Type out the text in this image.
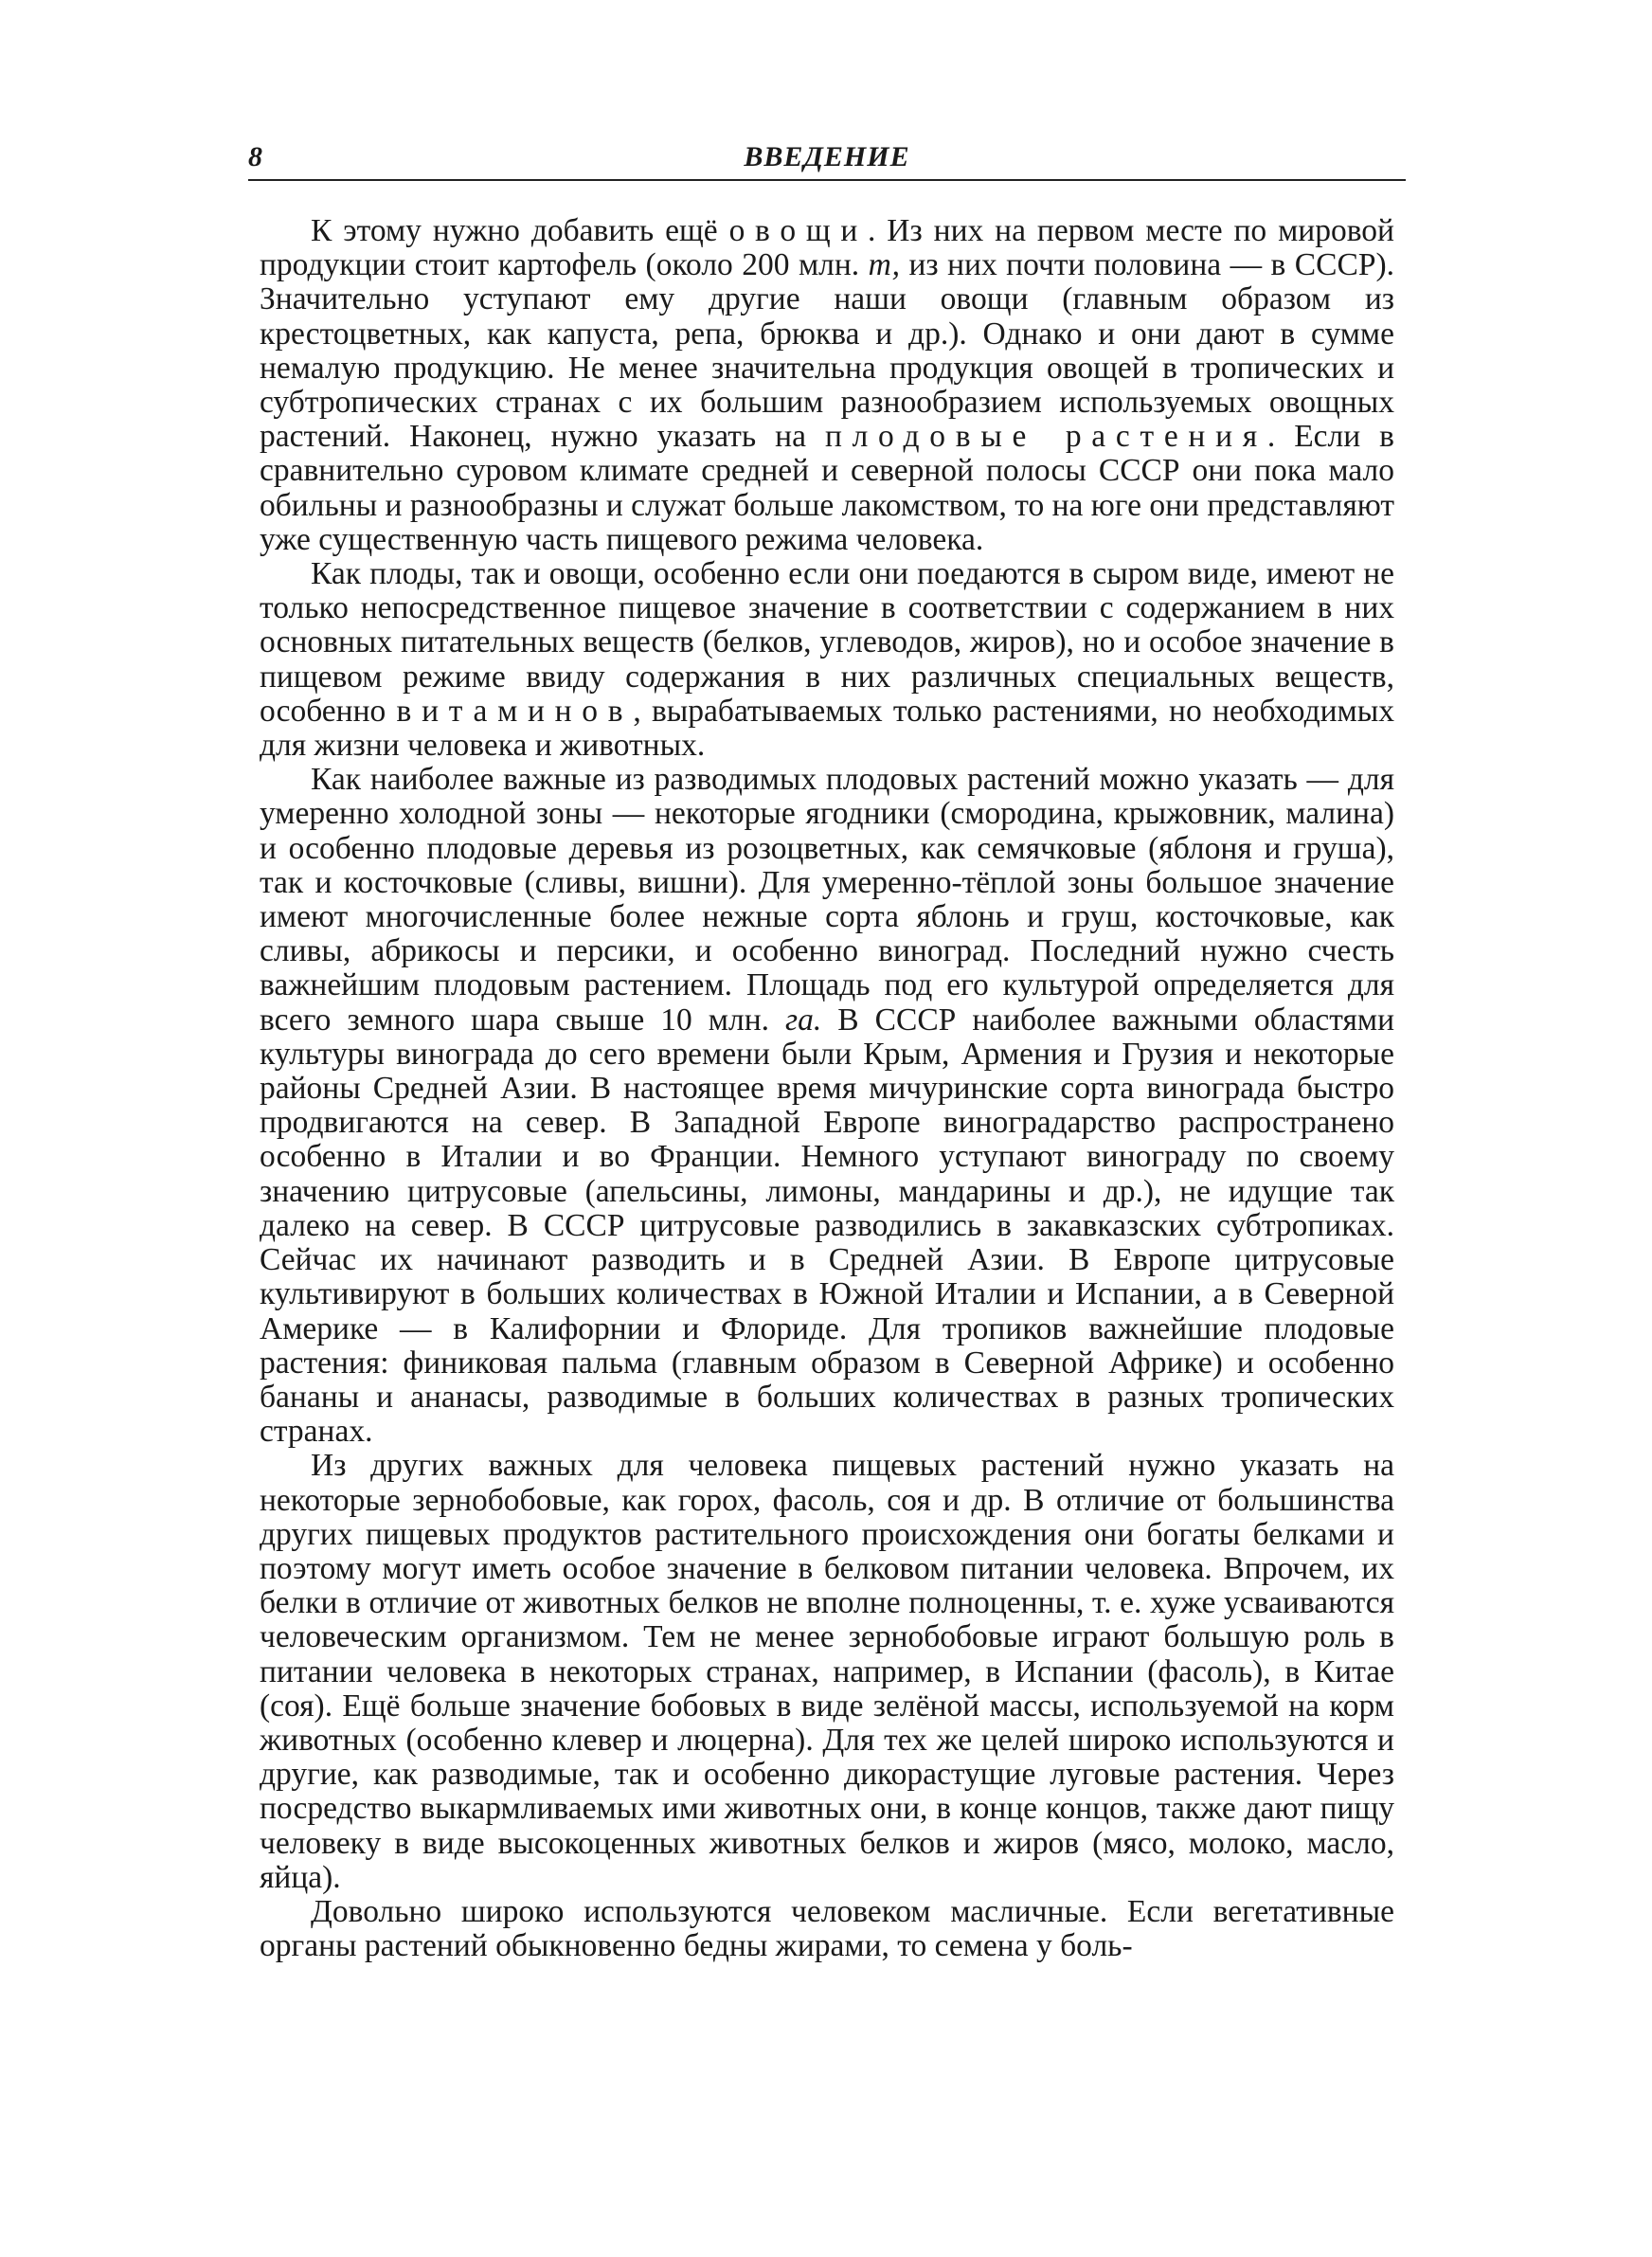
8	ВВЕДЕНИЕ

К этому нужно добавить ещё овощи. Из них на первом месте по мировой продукции стоит картофель (около 200 млн. т, из них почти половина — в СССР). Значительно уступают ему другие наши овощи (главным образом из крестоцветных, как капуста, репа, брюква и др.). Однако и они дают в сумме немалую продукцию. Не менее значительна продукция овощей в тропических и субтропических странах с их большим разнообразием используемых овощных растений. Наконец, нужно указать на плодовые растения. Если в сравнительно суровом климате средней и северной полосы СССР они пока мало обильны и разнообразны и служат больше лакомством, то на юге они представляют уже существенную часть пищевого режима человека.

Как плоды, так и овощи, особенно если они поедаются в сыром виде, имеют не только непосредственное пищевое значение в соответствии с содержанием в них основных питательных веществ (белков, углеводов, жиров), но и особое значение в пищевом режиме ввиду содержания в них различных специальных веществ, особенно витаминов, вырабатываемых только растениями, но необходимых для жизни человека и животных.

Как наиболее важные из разводимых плодовых растений можно указать — для умеренно холодной зоны — некоторые ягодники (смородина, крыжовник, малина) и особенно плодовые деревья из розоцветных, как семячковые (яблоня и груша), так и косточковые (сливы, вишни). Для умеренно-тёплой зоны большое значение имеют многочисленные более нежные сорта яблонь и груш, косточковые, как сливы, абрикосы и персики, и особенно виноград. Последний нужно счесть важнейшим плодовым растением. Площадь под его культурой определяется для всего земного шара свыше 10 млн. га. В СССР наиболее важными областями культуры винограда до сего времени были Крым, Армения и Грузия и некоторые районы Средней Азии. В настоящее время мичуринские сорта винограда быстро продвигаются на север. В Западной Европе виноградарство распространено особенно в Италии и во Франции. Немного уступают винограду по своему значению цитрусовые (апельсины, лимоны, мандарины и др.), не идущие так далеко на север. В СССР цитрусовые разводились в закавказских субтропиках. Сейчас их начинают разводить и в Средней Азии. В Европе цитрусовые культивируют в больших количествах в Южной Италии и Испании, а в Северной Америке — в Калифорнии и Флориде. Для тропиков важнейшие плодовые растения: финиковая пальма (главным образом в Северной Африке) и особенно бананы и ананасы, разводимые в больших количествах в разных тропических странах.

Из других важных для человека пищевых растений нужно указать на некоторые зернобобовые, как горох, фасоль, соя и др. В отличие от большинства других пищевых продуктов растительного происхождения они богаты белками и поэтому могут иметь особое значение в белковом питании человека. Впрочем, их белки в отличие от животных белков не вполне полноценны, т. е. хуже усваиваются человеческим организмом. Тем не менее зернобобовые играют большую роль в питании человека в некоторых странах, например, в Испании (фасоль), в Китае (соя). Ещё больше значение бобовых в виде зелёной массы, используемой на корм животных (особенно клевер и люцерна). Для тех же целей широко используются и другие, как разводимые, так и особенно дикорастущие луговые растения. Через посредство выкармливаемых ими животных они, в конце концов, также дают пищу человеку в виде высокоценных животных белков и жиров (мясо, молоко, масло, яйца).

Довольно широко используются человеком масличные. Если вегетативные органы растений обыкновенно бедны жирами, то семена у боль-
